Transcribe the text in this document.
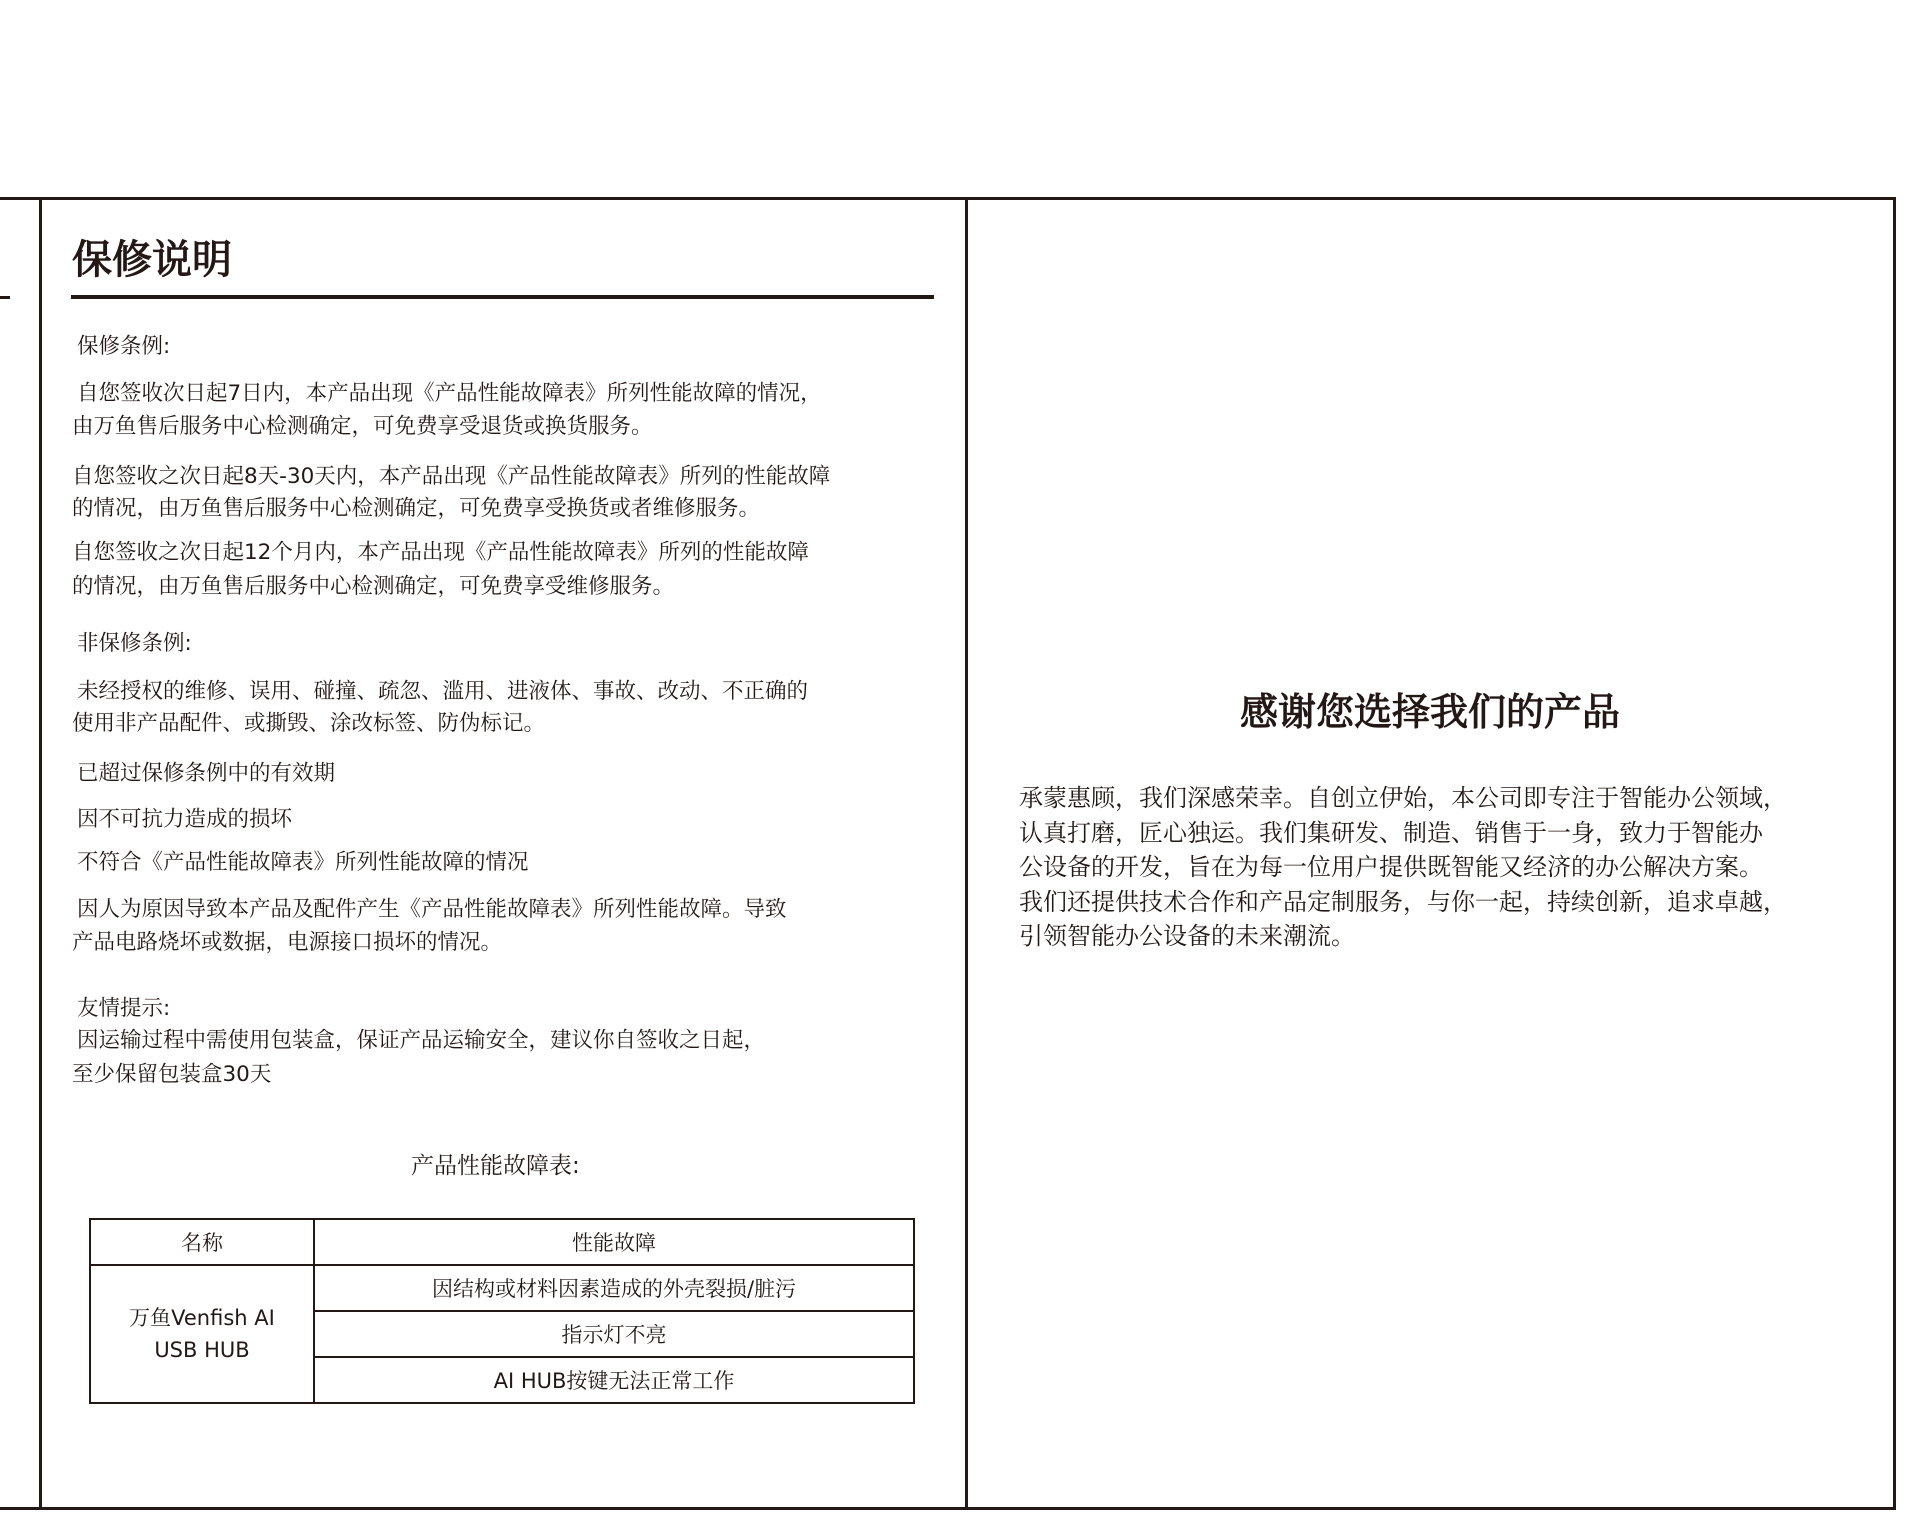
保修说明
保修条例:
自您签收次日起7日内，本产品出现《产品性能故障表》所列性能故障的情况，
由万鱼售后服务中心检测确定，可免费享受退货或换货服务。
自您签收之次日起8天-30天内，本产品出现《产品性能故障表》所列的性能故障
的情况，由万鱼售后服务中心检测确定，可免费享受换货或者维修服务。
自您签收之次日起12个月内，本产品出现《产品性能故障表》所列的性能故障
的情况，由万鱼售后服务中心检测确定，可免费享受维修服务。
非保修条例:
未经授权的维修、误用、碰撞、疏忽、滥用、进液体、事故、改动、不正确的
使用非产品配件、或撕毁、涂改标签、防伪标记。
已超过保修条例中的有效期
因不可抗力造成的损坏
不符合《产品性能故障表》所列性能故障的情况
因人为原因导致本产品及配件产生《产品性能故障表》所列性能故障。导致
产品电路烧坏或数据，电源接口损坏的情况。
友情提示:
因运输过程中需使用包装盒，保证产品运输安全，建议你自签收之日起，
至少保留包装盒30天
产品性能故障表:
名称	性能故障

万鱼Venfish AI
USB HUB	因结构或材料因素造成的外壳裂损/脏污
	指示灯不亮
	AI HUB按键无法正常工作
感谢您选择我们的产品
承蒙惠顾，我们深感荣幸。自创立伊始，本公司即专注于智能办公领域，
认真打磨，匠心独运。我们集研发、制造、销售于一身，致力于智能办
公设备的开发，旨在为每一位用户提供既智能又经济的办公解决方案。
我们还提供技术合作和产品定制服务，与你一起，持续创新，追求卓越，
引领智能办公设备的未来潮流。
